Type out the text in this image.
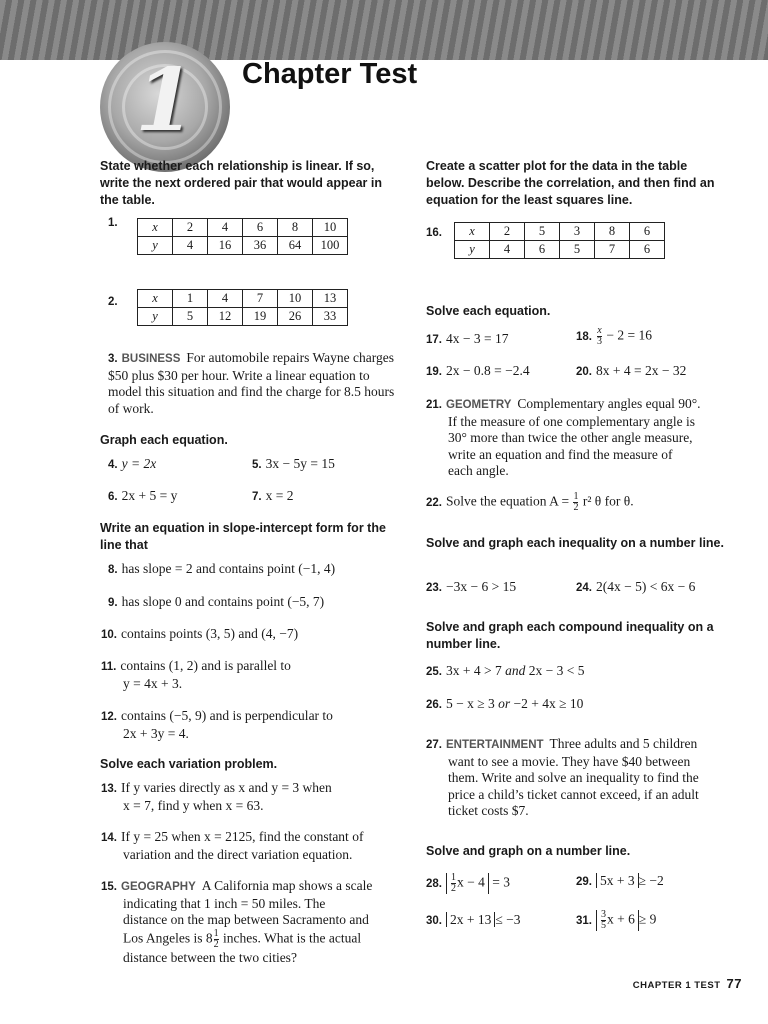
1	Chapter Test
State whether each relationship is linear. If so, write the next ordered pair that would appear in the table.
1.	x	2	4	6	8	10
y	4	16	36	64	100
2.	x	1	4	7	10	13
y	5	12	19	26	33
3. BUSINESS For automobile repairs Wayne charges $50 plus $30 per hour. Write a linear equation to model this situation and find the charge for 8.5 hours of work.
Graph each equation.
4. y = 2x	5. 3x − 5y = 15
6. 2x + 5 = y	7. x = 2
Write an equation in slope-intercept form for the line that
8. has slope = 2 and contains point (−1, 4)
9. has slope 0 and contains point (−5, 7)
10. contains points (3, 5) and (4, −7)
11. contains (1, 2) and is parallel to
y = 4x + 3.
12. contains (−5, 9) and is perpendicular to
2x + 3y = 4.
Solve each variation problem.
13. If y varies directly as x and y = 3 when
x = 7, find y when x = 63.
14. If y = 25 when x = 2125, find the constant of
variation and the direct variation equation.
15. GEOGRAPHY A California map shows a scale
indicating that 1 inch = 50 miles. The
distance on the map between Sacramento and
Los Angeles is $8 \frac{1}{2}$ inches. What is the actual
distance between the two cities?
Create a scatter plot for the data in the table below. Describe the correlation, and then find an equation for the least squares line.
16. x	2	5	3	8	6
y	4	6	5	7	6
Solve each equation.
17. 4x − 3 = 17	18. $\frac{x}{3} - 2 = 16$
19. 2x − 0.8 = −2.4	20. 8x + 4 = 2x − 32
21. GEOMETRY Complementary angles equal 90°.
If the measure of one complementary angle is
30° more than twice the other angle measure,
write an equation and find the measure of
each angle.
22. Solve the equation $A = \frac{1}{2} r^2$ θ for θ.
Solve and graph each inequality on a number line.
23. −3x − 6 > 15	24. 2(4x − 5) < 6x − 6
Solve and graph each compound inequality on a number line.
25. 3x + 4 > 7 and 2x − 3 < 5
26. 5 − x ≥ 3 or −2 + 4x ≥ 10
27. ENTERTAINMENT Three adults and 5 children
want to see a movie. They have $40 between
them. Write and solve an inequality to find the
price a child’s ticket cannot exceed, if an adult
ticket costs $7.
Solve and graph on a number line.
28. $\frac{1}{2}$ x − 4 = 3	29. 5x + 3 ≥ −2
30. 2x + 13 ≤ −3	31. $\frac{3}{5}$ x + 6 ≥ 9
CHAPTER 1 TEST 77
